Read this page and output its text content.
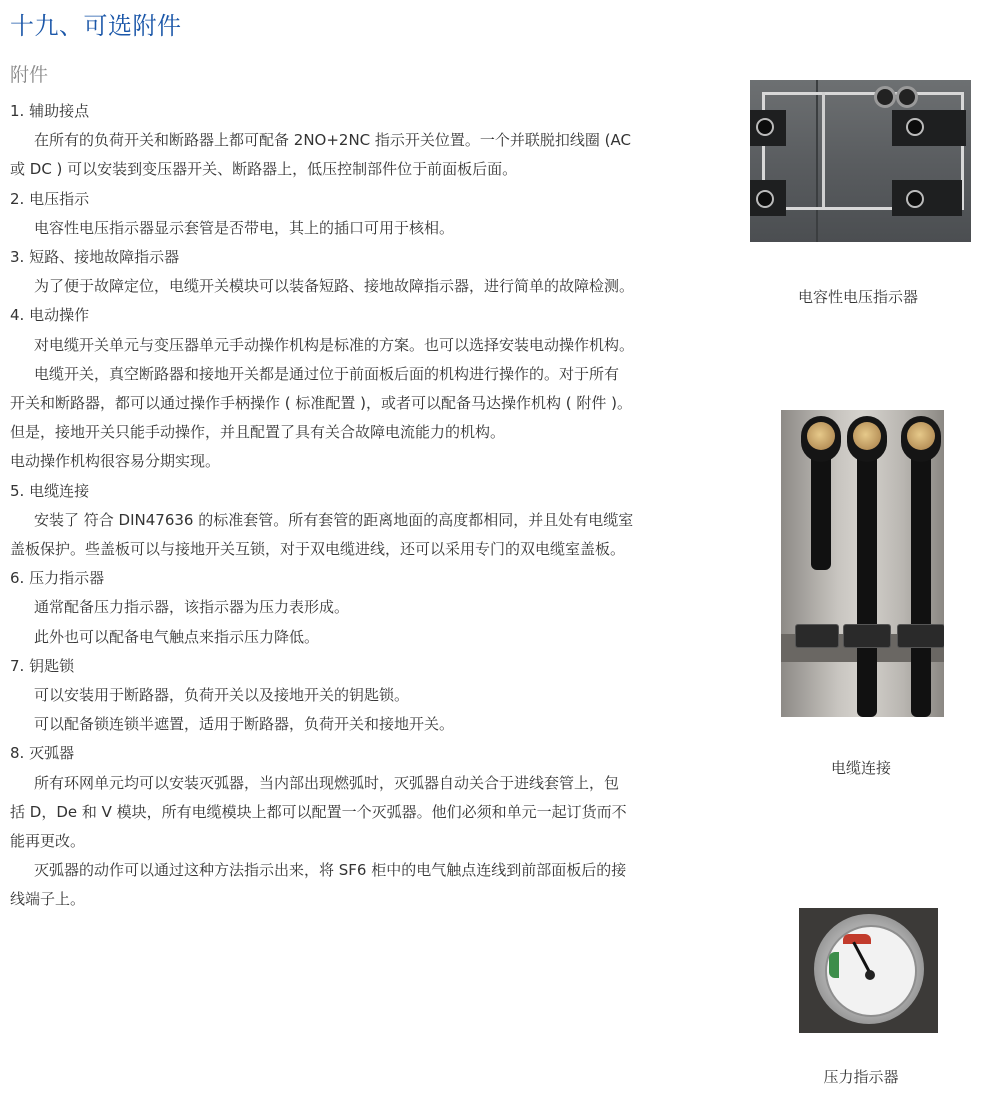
十九、可选附件
附件

1. 辅助接点

在所有的负荷开关和断路器上都可配备 2NO+2NC 指示开关位置。一个并联脱扣线圈 (AC

或 DC ) 可以安装到变压器开关、断路器上，低压控制部件位于前面板后面。

2. 电压指示

电容性电压指示器显示套管是否带电，其上的插口可用于核相。

3. 短路、接地故障指示器

为了便于故障定位，电缆开关模块可以装备短路、接地故障指示器，进行简单的故障检测。

4. 电动操作

对电缆开关单元与变压器单元手动操作机构是标准的方案。也可以选择安装电动操作机构。

电缆开关，真空断路器和接地开关都是通过位于前面板后面的机构进行操作的。对于所有

开关和断路器，都可以通过操作手柄操作 ( 标准配置 )，或者可以配备马达操作机构 ( 附件 )。

但是，接地开关只能手动操作，并且配置了具有关合故障电流能力的机构。

电动操作机构很容易分期实现。

5. 电缆连接

安装了 符合 DIN47636 的标准套管。所有套管的距离地面的高度都相同，并且处有电缆室

盖板保护。些盖板可以与接地开关互锁，对于双电缆进线，还可以采用专门的双电缆室盖板。

6. 压力指示器

通常配备压力指示器，该指示器为压力表形成。

此外也可以配备电气触点来指示压力降低。

7. 钥匙锁

可以安装用于断路器，负荷开关以及接地开关的钥匙锁。

可以配备锁连锁半遮置，适用于断路器，负荷开关和接地开关。

8. 灭弧器

所有环网单元均可以安装灭弧器，当内部出现燃弧时，灭弧器自动关合于进线套管上，包

括 D，De 和 V 模块，所有电缆模块上都可以配置一个灭弧器。他们必须和单元一起订货而不

能再更改。

灭弧器的动作可以通过这种方法指示出来，将 SF6 柜中的电气触点连线到前部面板后的接

线端子上。

电容性电压指示器
电缆连接
压力指示器
